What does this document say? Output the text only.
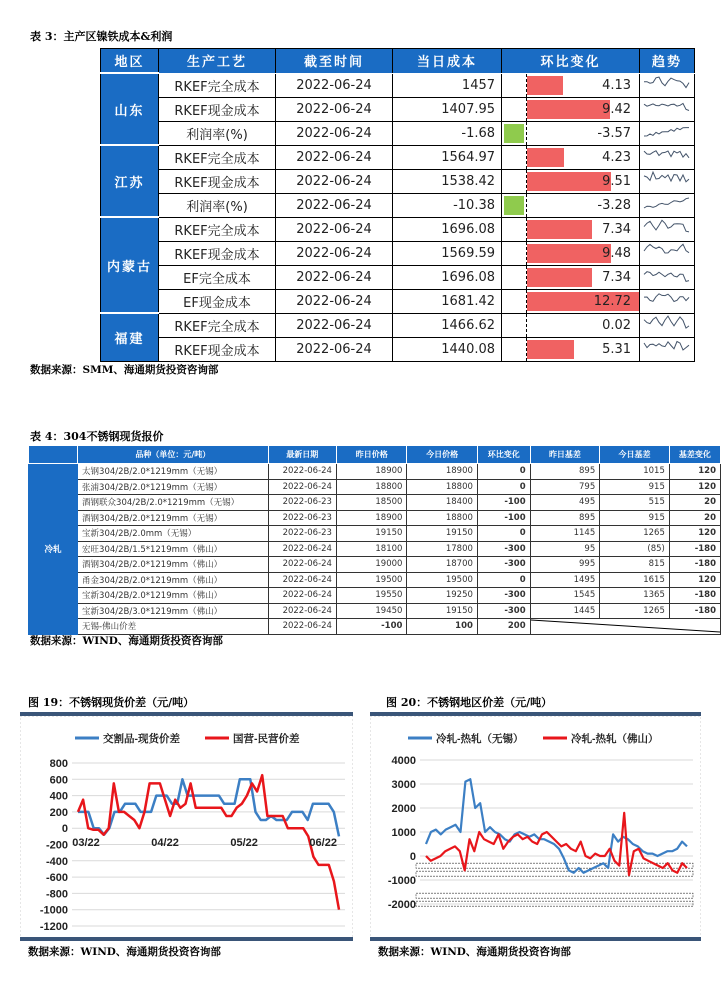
表 3：主产区镍铁成本&利润
地区	生产工艺	截至时间	当日成本	环比变化		趋势
山东	RKEF完全成本	2022-06-24	1457		4.13

	RKEF现金成本	2022-06-24	1407.95		9.42

	利润率(%)	2022-06-24	-1.68		-3.57

江苏	RKEF完全成本	2022-06-24	1564.97		4.23

	RKEF现金成本	2022-06-24	1538.42		9.51

	利润率(%)	2022-06-24	-10.38		-3.28

内蒙古	RKEF完全成本	2022-06-24	1696.08		7.34

	RKEF现金成本	2022-06-24	1569.59		9.48

	EF完全成本	2022-06-24	1696.08		7.34

	EF现金成本	2022-06-24	1681.42		12.72

福建	RKEF完全成本	2022-06-24	1466.62		0.02

	RKEF现金成本	2022-06-24	1440.08		5.31

数据来源：SMM、海通期货投资咨询部
表 4：304不锈钢现货报价
	品种（单位：元/吨）	最新日期	昨日价格	今日价格	环比变化	昨日基差	今日基差	基差变化
冷轧	太钢304/2B/2.0*1219mm（无锡）	2022-06-24	18900	18900	0	895	1015	120
	张浦304/2B/2.0*1219mm（无锡）	2022-06-24	18800	18800	0	795	915	120
	酒钢联众304/2B/2.0*1219mm（无锡）	2022-06-23	18500	18400	-100	495	515	20
	酒钢304/2B/2.0*1219mm（无锡）	2022-06-23	18900	18800	-100	895	915	20
	宝新304/2B/2.0mm（无锡）	2022-06-23	19150	19150	0	1145	1265	120
	宏旺304/2B/1.5*1219mm（佛山）	2022-06-24	18100	17800	-300	95	(85)	-180
	酒钢304/2B/2.0*1219mm（佛山）	2022-06-24	19000	18700	-300	995	815	-180
	甬金304/2B/2.0*1219mm（佛山）	2022-06-24	19500	19500	0	1495	1615	120
	宝新304/2B/2.0*1219mm（佛山）	2022-06-24	19550	19250	-300	1545	1365	-180
	宝新304/2B/3.0*1219mm（佛山）	2022-06-24	19450	19150	-300	1445	1265	-180
	无锡-佛山价差	2022-06-24	-100	100	200	
数据来源：WIND、海通期货投资咨询部
图 19：不锈钢现货价差（元/吨）
800
600
400
200
0
-200
-400
-600
-800
-1000
-1200
交割品-现货价差	国营-民营价差
03/22	04/22	05/22	06/22
数据来源：WIND、海通期货投资咨询部
图 20：不锈钢地区价差（元/吨）
4000
3000
2000
1000
0
-1000
-2000
冷轧-热轧（无锡）	冷轧-热轧（佛山）
数据来源：WIND、海通期货投资咨询部
